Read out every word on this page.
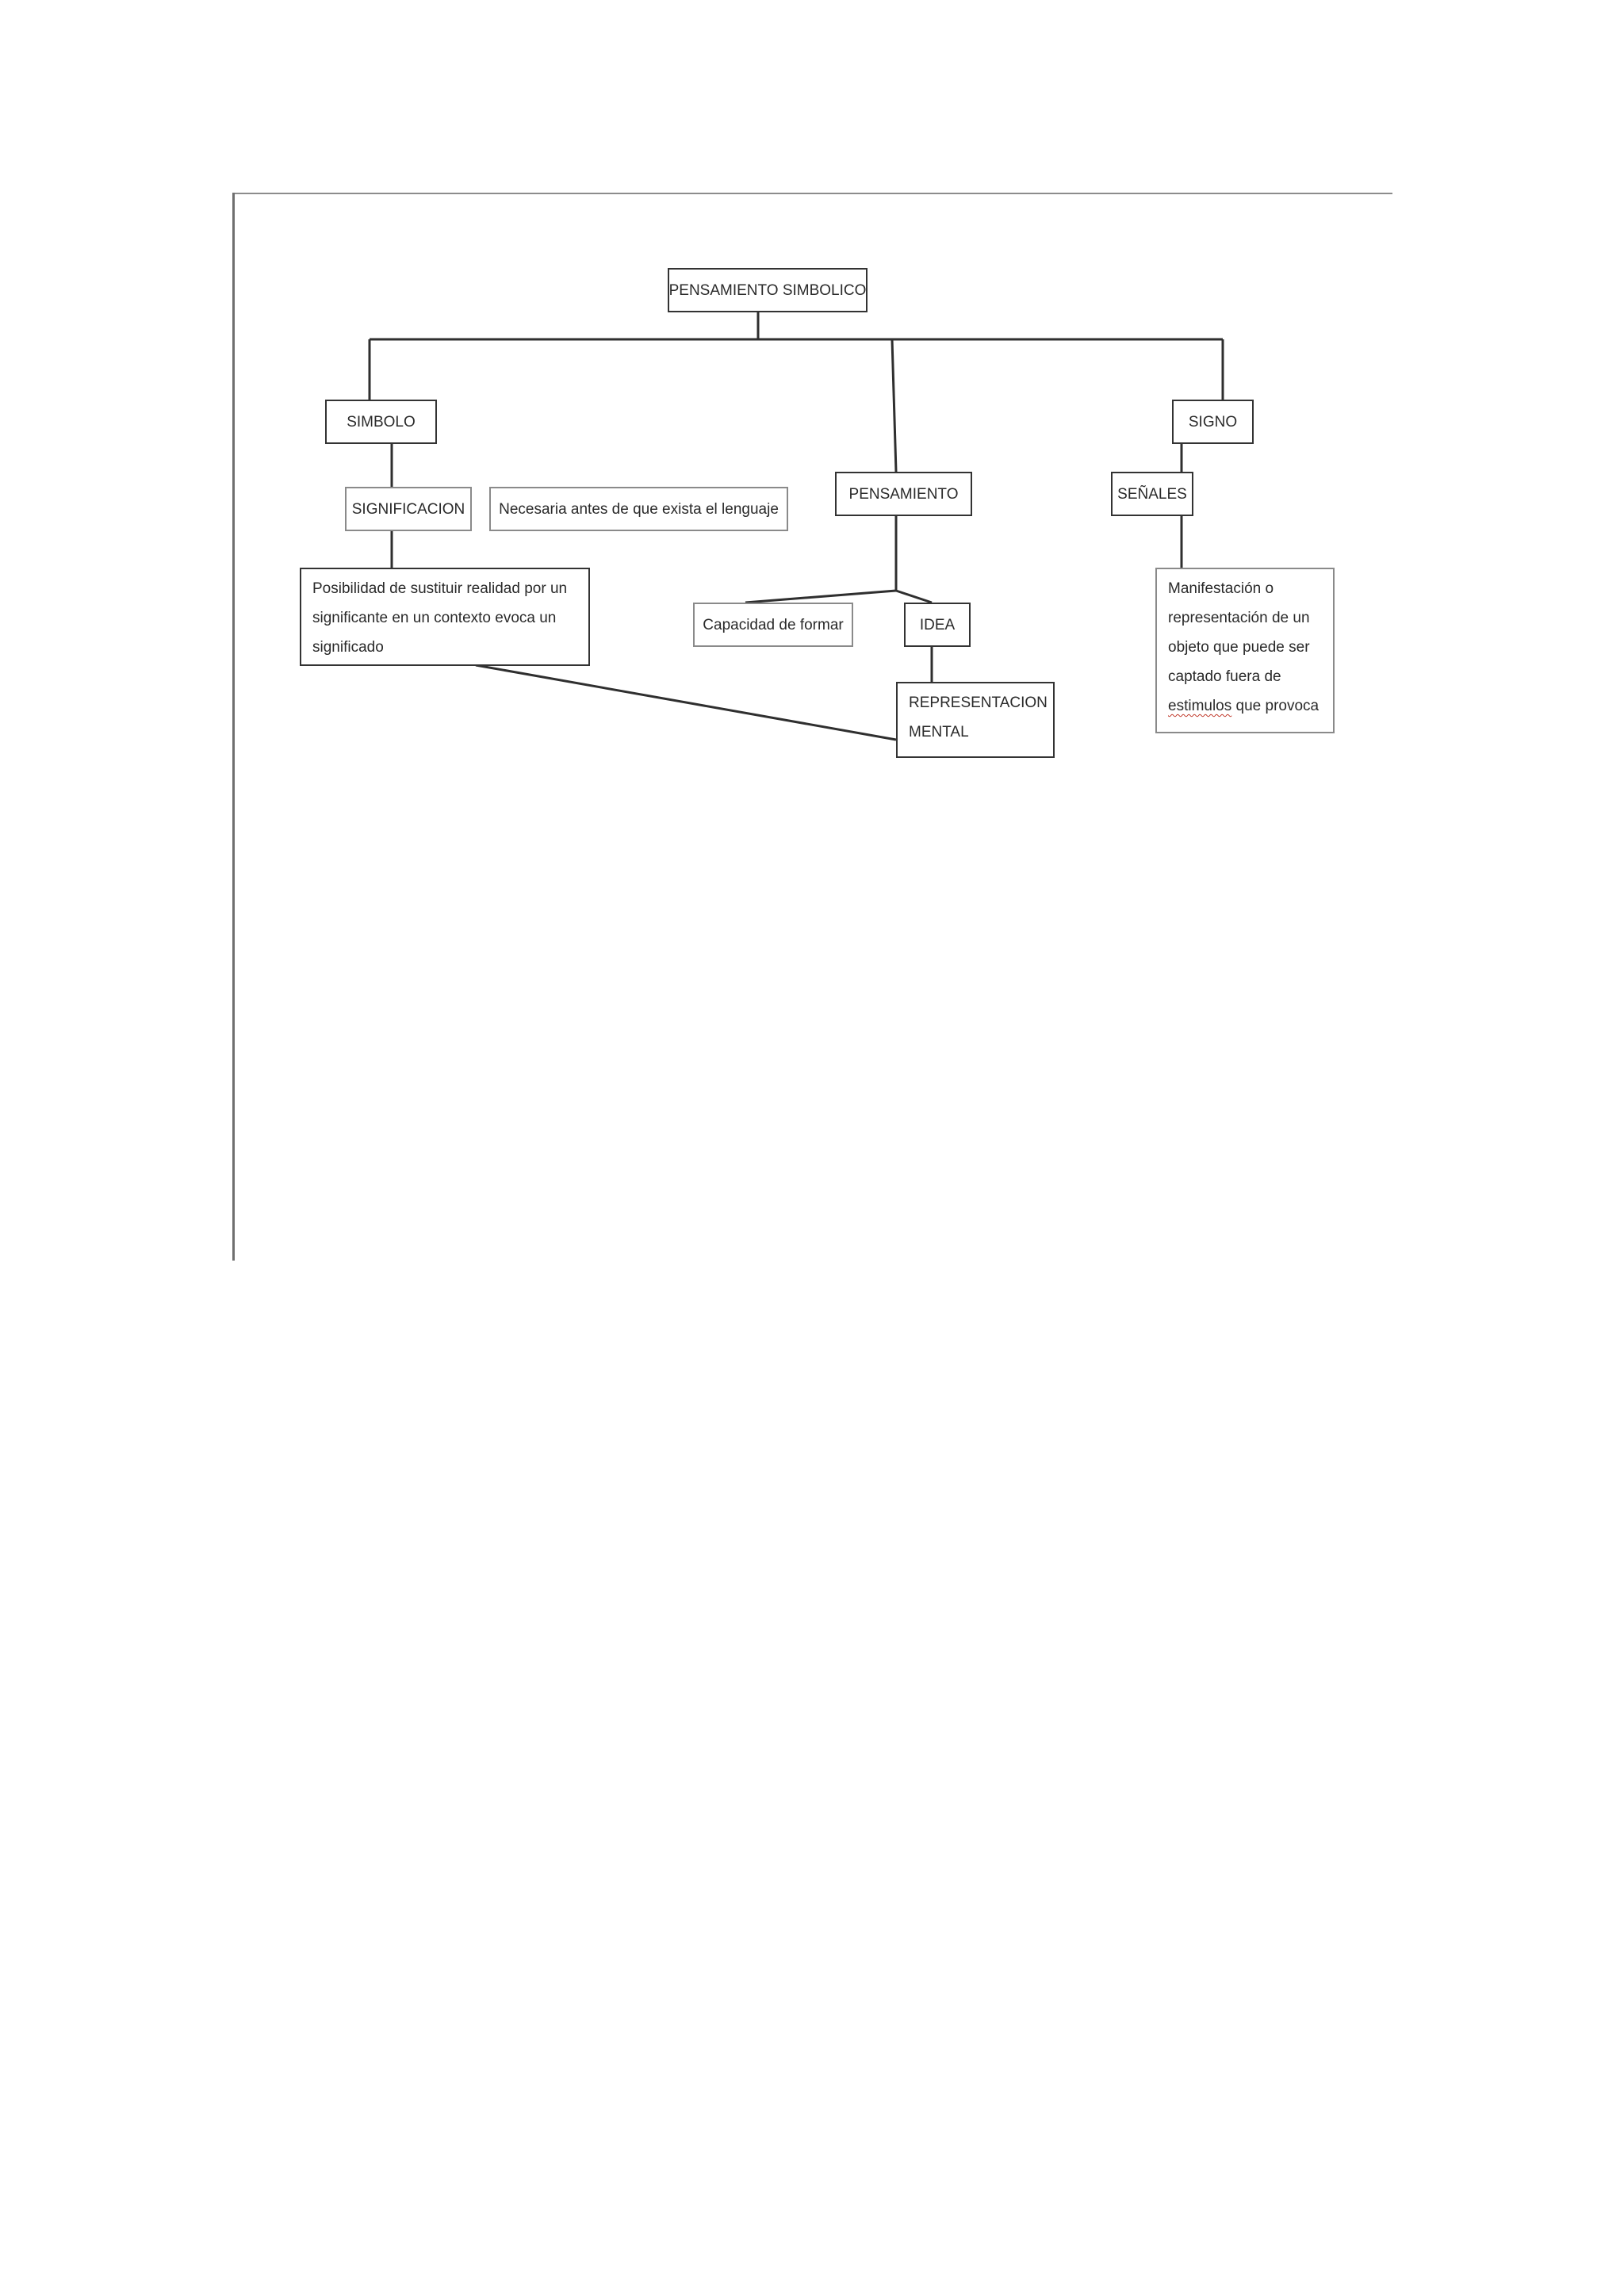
PENSAMIENTO SIMBOLICO
SIMBOLO
SIGNIFICACION	Necesaria antes de que exista el lenguaje
Posibilidad de sustituir realidad por un significante en un contexto evoca un significado
PENSAMIENTO
Capacidad de formar	IDEA
REPRESENTACION MENTAL
SIGNO
SEÑALES
Manifestación o representación de un objeto que puede ser captado fuera de estimulos que provoca
